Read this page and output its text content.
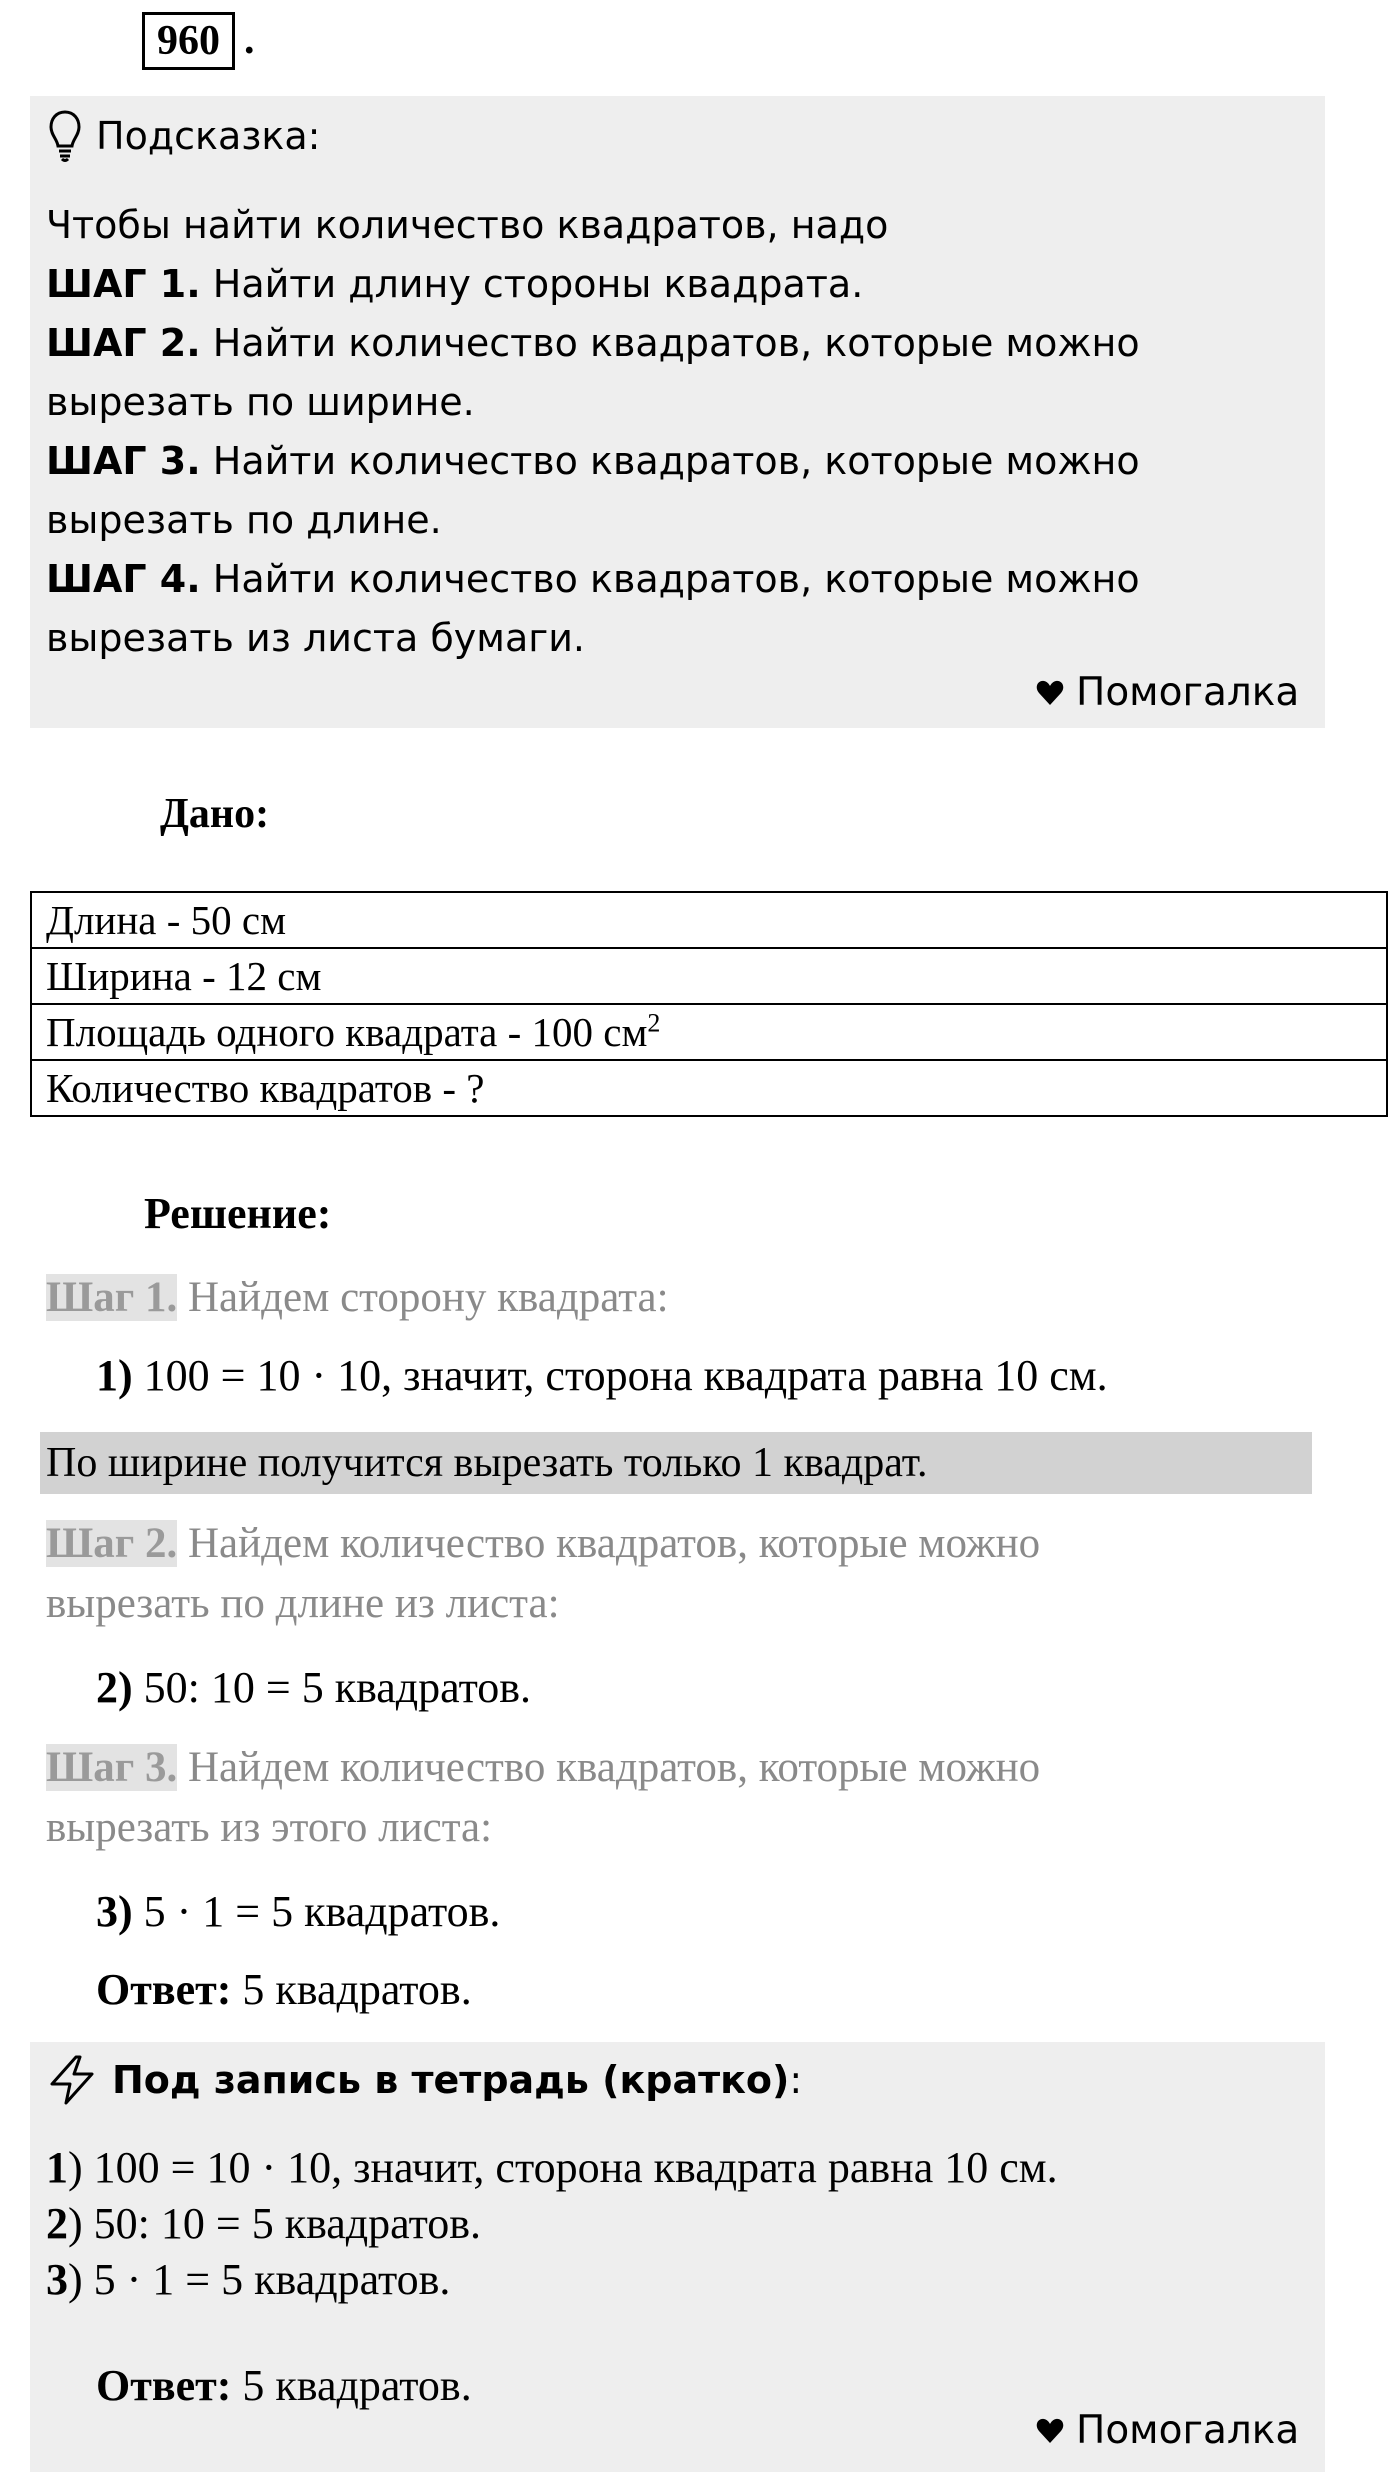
960 .
Подсказка:
Чтобы найти количество квадратов, надо
ШАГ 1. Найти длину стороны квадрата.
ШАГ 2. Найти количество квадратов, которые можно
вырезать по ширине.
ШАГ 3. Найти количество квадратов, которые можно
вырезать по длине.
ШАГ 4. Найти количество квадратов, которые можно
вырезать из листа бумаги.
Помогалка
Дано:
Длина - 50 см
Ширина - 12 см
Площадь одного квадрата - 100 $см^2$
Количество квадратов - ?
Решение:
Шаг 1. Найдем сторону квадрата:
1) 100 = 10 · 10, значит, сторона квадрата равна 10 см.
По ширине получится вырезать только 1 квадрат.
Шаг 2. Найдем количество квадратов, которые можно
вырезать по длине из листа:
2) 50: 10 = 5 квадратов.
Шаг 3. Найдем количество квадратов, которые можно
вырезать из этого листа:
3) 5 · 1 = 5 квадратов.
Ответ: 5 квадратов.
Под запись в тетрадь (кратко) :
1) 100 = 10 · 10, значит, сторона квадрата равна 10 см.
2) 50: 10 = 5 квадратов.
3) 5 · 1 = 5 квадратов.
Ответ: 5 квадратов.
Помогалка
